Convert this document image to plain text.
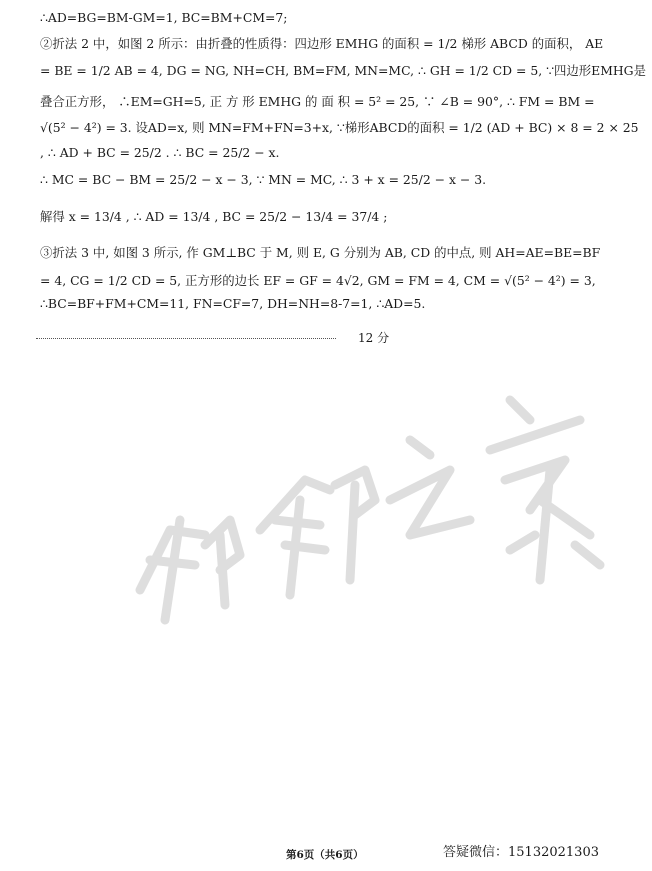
∴AD=BG=BM-GM=1, BC=BM+CM=7;
②折法 2 中，如图 2 所示：由折叠的性质得：四边形 EMHG 的面积 = 1/2 梯形 ABCD 的面积， AE
= BE = 1/2 AB = 4, DG = NG, NH=CH, BM=FM, MN=MC, ∴ GH = 1/2 CD = 5, ∵四边形EMHG是
叠合正方形， ∴EM=GH=5, 正 方 形 EMHG 的 面 积 = 5² = 25, ∵ ∠B = 90°, ∴ FM = BM =
√(5² − 4²) = 3. 设AD=x, 则 MN=FM+FN=3+x, ∵梯形ABCD的面积 = 1/2 (AD + BC) × 8 = 2 × 25
, ∴ AD + BC = 25/2 . ∴ BC = 25/2 − x.
∴ MC = BC − BM = 25/2 − x − 3, ∵ MN = MC, ∴ 3 + x = 25/2 − x − 3.
解得 x = 13/4 , ∴ AD = 13/4 , BC = 25/2 − 13/4 = 37/4 ;
③折法 3 中, 如图 3 所示, 作 GM⊥BC 于 M, 则 E, G 分别为 AB, CD 的中点, 则 AH=AE=BE=BF
= 4, CG = 1/2 CD = 5, 正方形的边长 EF = GF = 4√2, GM = FM = 4, CM = √(5² − 4²) = 3,
∴BC=BF+FM+CM=11, FN=CF=7, DH=NH=8-7=1, ∴AD=5.
12 分
第6页（共6页）	答疑微信：15132021303
